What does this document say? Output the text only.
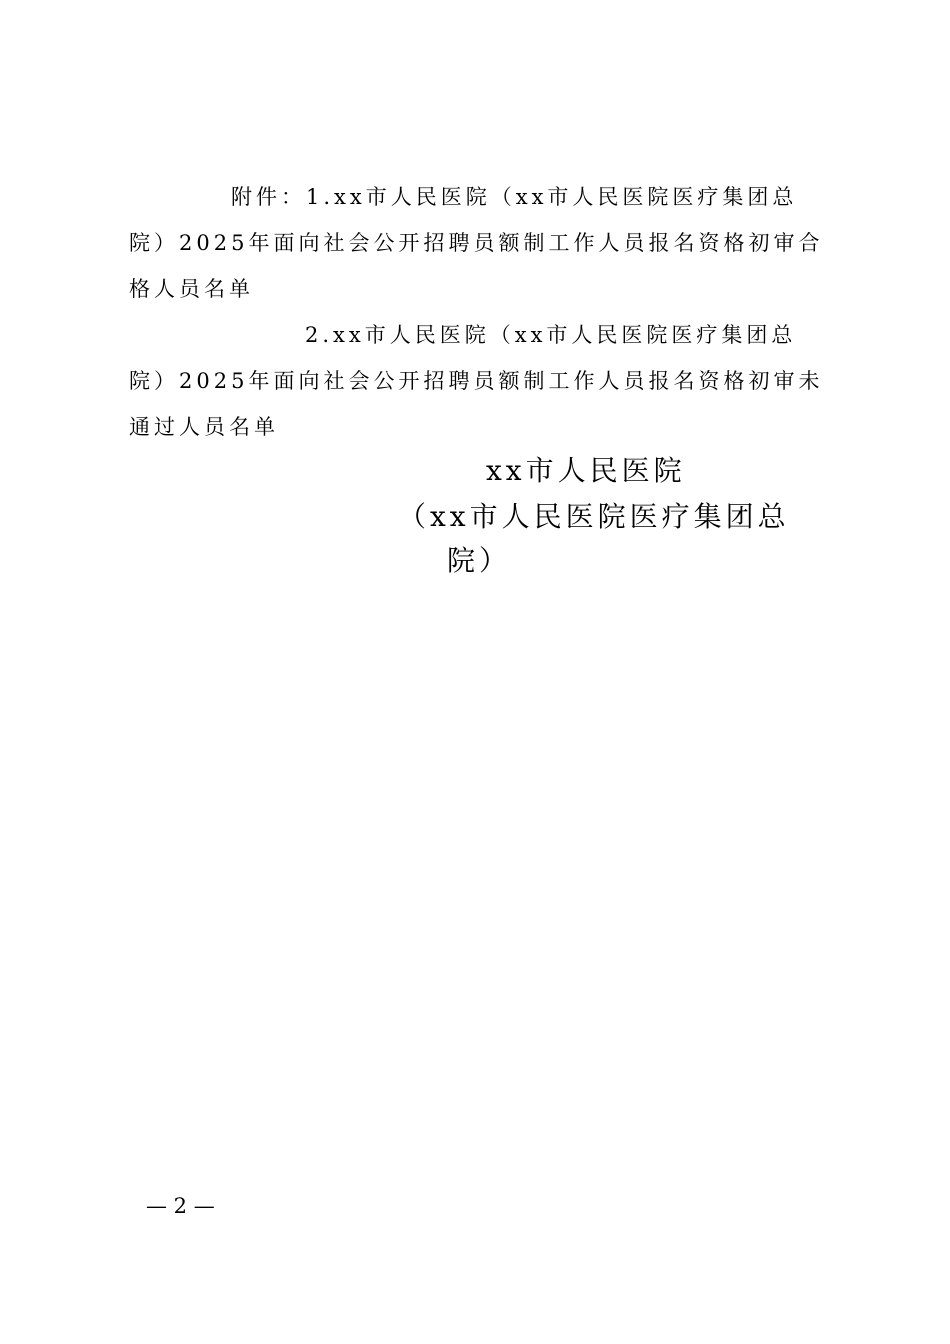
附件：1.xx市人民医院（xx市人民医院医疗集团总
院）2025年面向社会公开招聘员额制工作人员报名资格初审合
格人员名单
2.xx市人民医院（xx市人民医院医疗集团总
院）2025年面向社会公开招聘员额制工作人员报名资格初审未
通过人员名单
xx市人民医院
（xx市人民医院医疗集团总
院）
— 2 —
